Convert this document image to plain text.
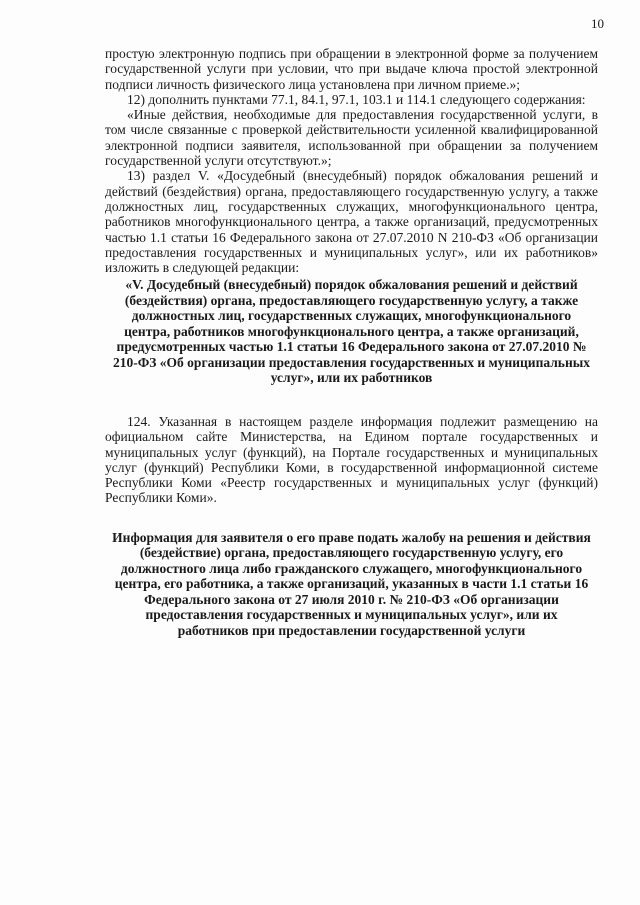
10

простую электронную подпись при обращении в электронной форме за получением государственной услуги при условии, что при выдаче ключа простой электронной подписи личность физического лица установлена при личном приеме.»;

12) дополнить пунктами 77.1, 84.1, 97.1, 103.1 и 114.1 следующего содержания:

«Иные действия, необходимые для предоставления государственной услуги, в том числе связанные с проверкой действительности усиленной квалифицированной электронной подписи заявителя, использованной при обращении за получением государственной услуги отсутствуют.»;

13) раздел V. «Досудебный (внесудебный) порядок обжалования решений и действий (бездействия) органа, предоставляющего государственную услугу, а также должностных лиц, государственных служащих, многофункционального центра, работников многофункционального центра, а также организаций, предусмотренных частью 1.1 статьи 16 Федерального закона от 27.07.2010 N 210-ФЗ «Об организации предоставления государственных и муниципальных услуг», или их работников» изложить в следующей редакции:

«V. Досудебный (внесудебный) порядок обжалования решений и действий (бездействия) органа, предоставляющего государственную услугу, а также должностных лиц, государственных служащих, многофункционального центра, работников многофункционального центра, а также организаций, предусмотренных частью 1.1 статьи 16 Федерального закона от 27.07.2010 № 210-ФЗ «Об организации предоставления государственных и муниципальных услуг», или их работников

124. Указанная в настоящем разделе информация подлежит размещению на официальном сайте Министерства, на Едином портале государственных и муниципальных услуг (функций), на Портале государственных и муниципальных услуг (функций) Республики Коми, в государственной информационной системе Республики Коми «Реестр государственных и муниципальных услуг (функций) Республики Коми».

Информация для заявителя о его праве подать жалобу на решения и действия (бездействие) органа, предоставляющего государственную услугу, его должностного лица либо гражданского служащего, многофункционального центра, его работника, а также организаций, указанных в части 1.1 статьи 16 Федерального закона от 27 июля 2010 г. № 210-ФЗ «Об организации предоставления государственных и муниципальных услуг», или их работников при предоставлении государственной услуги
